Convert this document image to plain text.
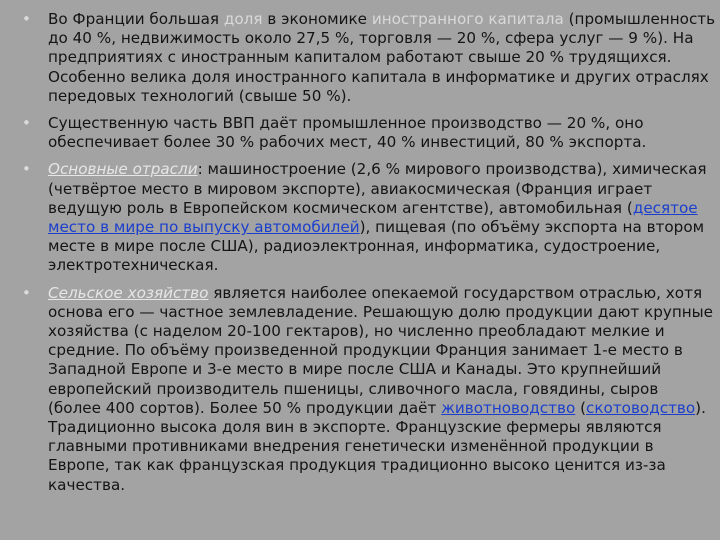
• Во Франции большая доля в экономике иностранного капитала (промышленность до 40 %, недвижимость около 27,5 %, торговля — 20 %, сфера услуг — 9 %). На предприятиях с иностранным капиталом работают свыше 20 % трудящихся. Особенно велика доля иностранного капитала в информатике и других отраслях передовых технологий (свыше 50 %).
• Существенную часть ВВП даёт промышленное производство — 20 %, оно обеспечивает более 30 % рабочих мест, 40 % инвестиций, 80 % экспорта.
• Основные отрасли: машиностроение (2,6 % мирового производства), химическая (четвёртое место в мировом экспорте), авиакосмическая (Франция играет ведущую роль в Европейском космическом агентстве), автомобильная (десятое место в мире по выпуску автомобилей), пищевая (по объёму экспорта на втором месте в мире после США), радиоэлектронная, информатика, судостроение, электротехническая.
• Сельское хозяйство является наиболее опекаемой государством отраслью, хотя основа его — частное землевладение. Решающую долю продукции дают крупные хозяйства (с наделом 20-100 гектаров), но численно преобладают мелкие и средние. По объёму произведенной продукции Франция занимает 1-е место в Западной Европе и 3-е место в мире после США и Канады. Это крупнейший европейский производитель пшеницы, сливочного масла, говядины, сыров (более 400 сортов). Более 50 % продукции даёт животноводство (скотоводство). Традиционно высока доля вин в экспорте. Французские фермеры являются главными противниками внедрения генетически изменённой продукции в Европе, так как французская продукция традиционно высоко ценится из-за качества.
